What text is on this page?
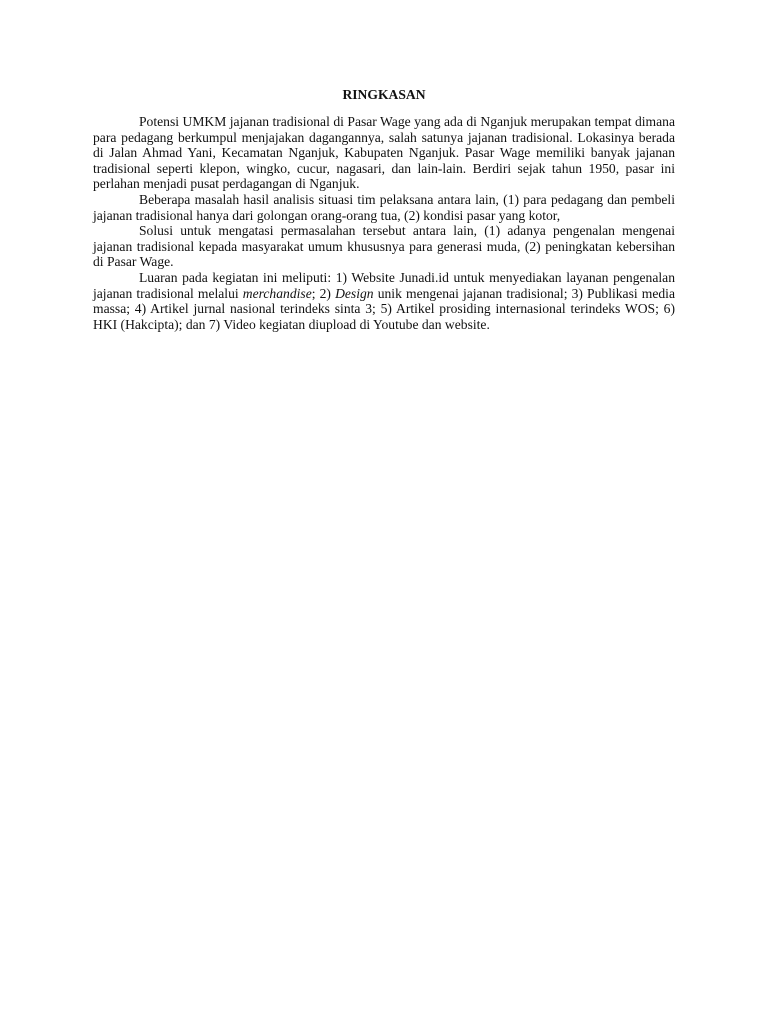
RINGKASAN

Potensi UMKM jajanan tradisional di Pasar Wage yang ada di Nganjuk merupakan tempat dimana para pedagang berkumpul menjajakan dagangannya, salah satunya jajanan tradisional. Lokasinya berada di Jalan Ahmad Yani, Kecamatan Nganjuk, Kabupaten Nganjuk. Pasar Wage memiliki banyak jajanan tradisional seperti klepon, wingko, cucur, nagasari, dan lain-lain. Berdiri sejak tahun 1950, pasar ini perlahan menjadi pusat perdagangan di Nganjuk.

Beberapa masalah hasil analisis situasi tim pelaksana antara lain, (1) para pedagang dan pembeli jajanan tradisional hanya dari golongan orang-orang tua, (2) kondisi pasar yang kotor,

Solusi untuk mengatasi permasalahan tersebut antara lain, (1) adanya pengenalan mengenai jajanan tradisional kepada masyarakat umum khususnya para generasi muda, (2) peningkatan kebersihan di Pasar Wage.

Luaran pada kegiatan ini meliputi: 1) Website Junadi.id untuk menyediakan layanan pengenalan jajanan tradisional melalui merchandise; 2) Design unik mengenai jajanan tradisional; 3) Publikasi media massa; 4) Artikel jurnal nasional terindeks sinta 3; 5) Artikel prosiding internasional terindeks WOS; 6) HKI (Hakcipta); dan 7) Video kegiatan diupload di Youtube dan website.
